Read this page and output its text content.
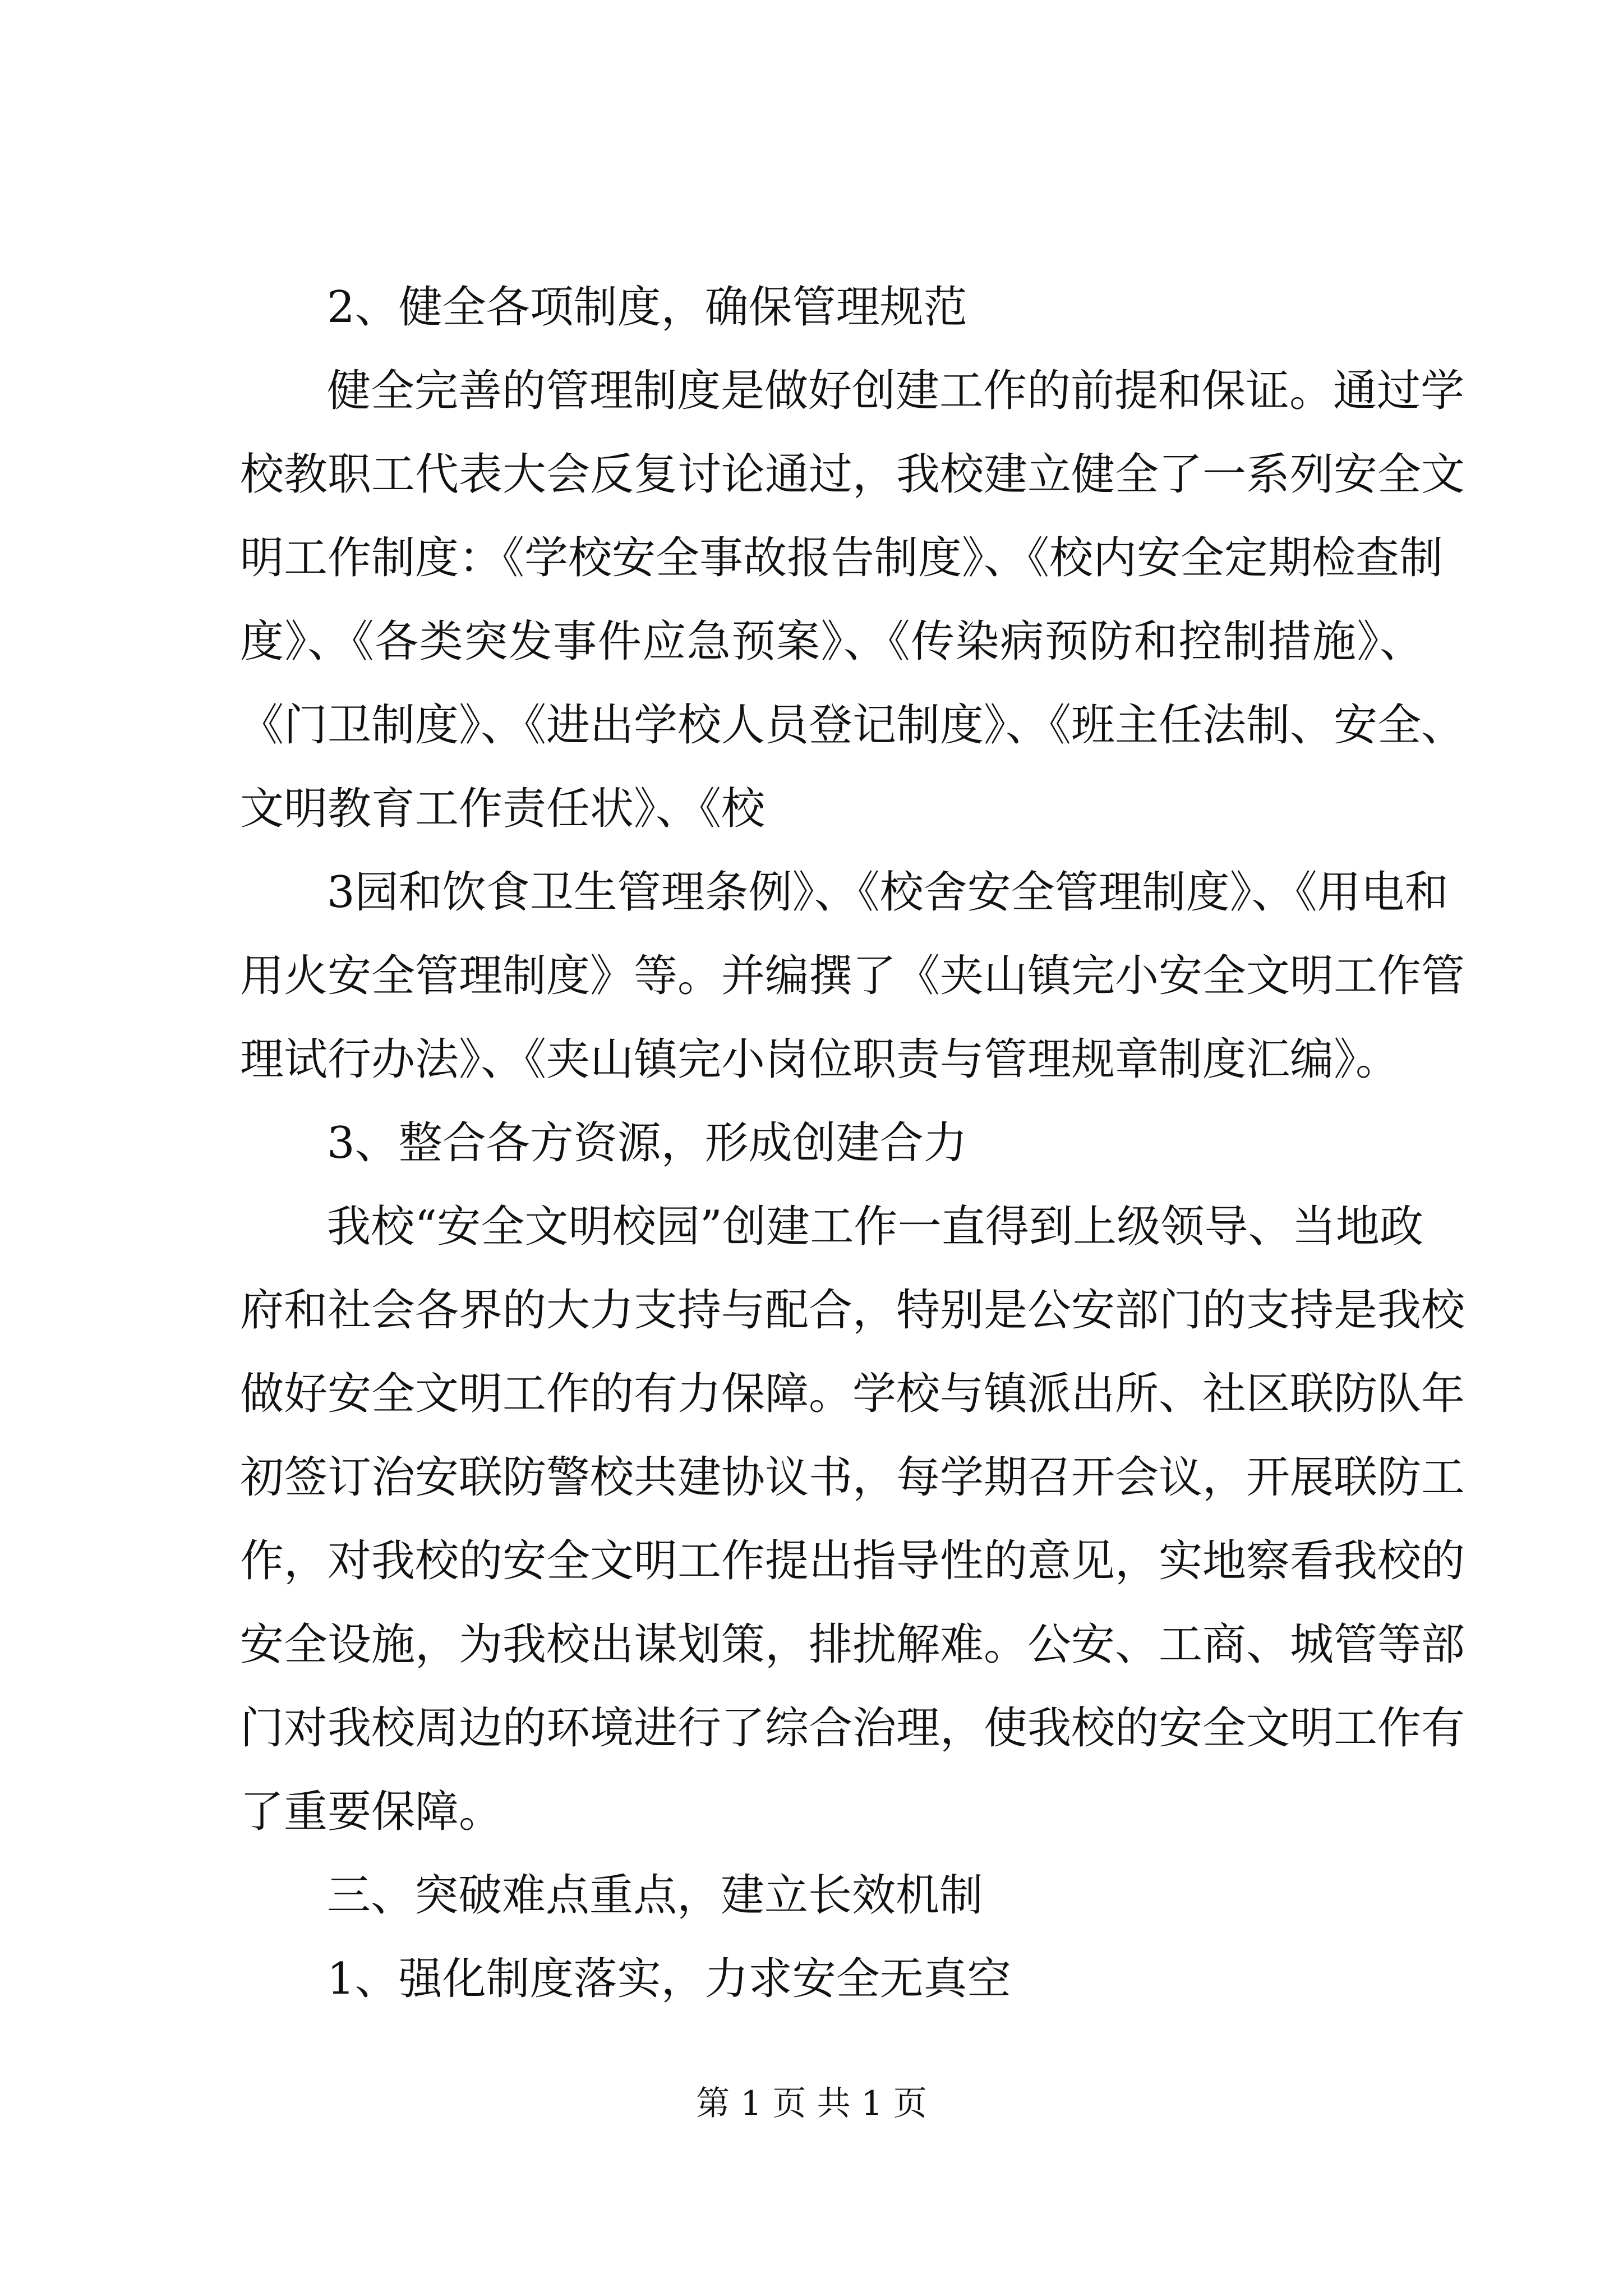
2、健全各项制度，确保管理规范
健全完善的管理制度是做好创建工作的前提和保证。通过学
校教职工代表大会反复讨论通过，我校建立健全了一系列安全文
明工作制度：《学校安全事故报告制度》、《校内安全定期检查制
度》、《各类突发事件应急预案》、《传染病预防和控制措施》、
《门卫制度》、《进出学校人员登记制度》、《班主任法制、安全、
文明教育工作责任状》、《校
3园和饮食卫生管理条例》、《校舍安全管理制度》、《用电和
用火安全管理制度》等。并编撰了《夹山镇完小安全文明工作管
理试行办法》、《夹山镇完小岗位职责与管理规章制度汇编》。
3、整合各方资源，形成创建合力
我校“安全文明校园”创建工作一直得到上级领导、当地政
府和社会各界的大力支持与配合，特别是公安部门的支持是我校
做好安全文明工作的有力保障。学校与镇派出所、社区联防队年
初签订治安联防警校共建协议书，每学期召开会议，开展联防工
作，对我校的安全文明工作提出指导性的意见，实地察看我校的
安全设施，为我校出谋划策，排扰解难。公安、工商、城管等部
门对我校周边的环境进行了综合治理，使我校的安全文明工作有
了重要保障。
三、突破难点重点，建立长效机制
1、强化制度落实，力求安全无真空
第 1 页 共 1 页
